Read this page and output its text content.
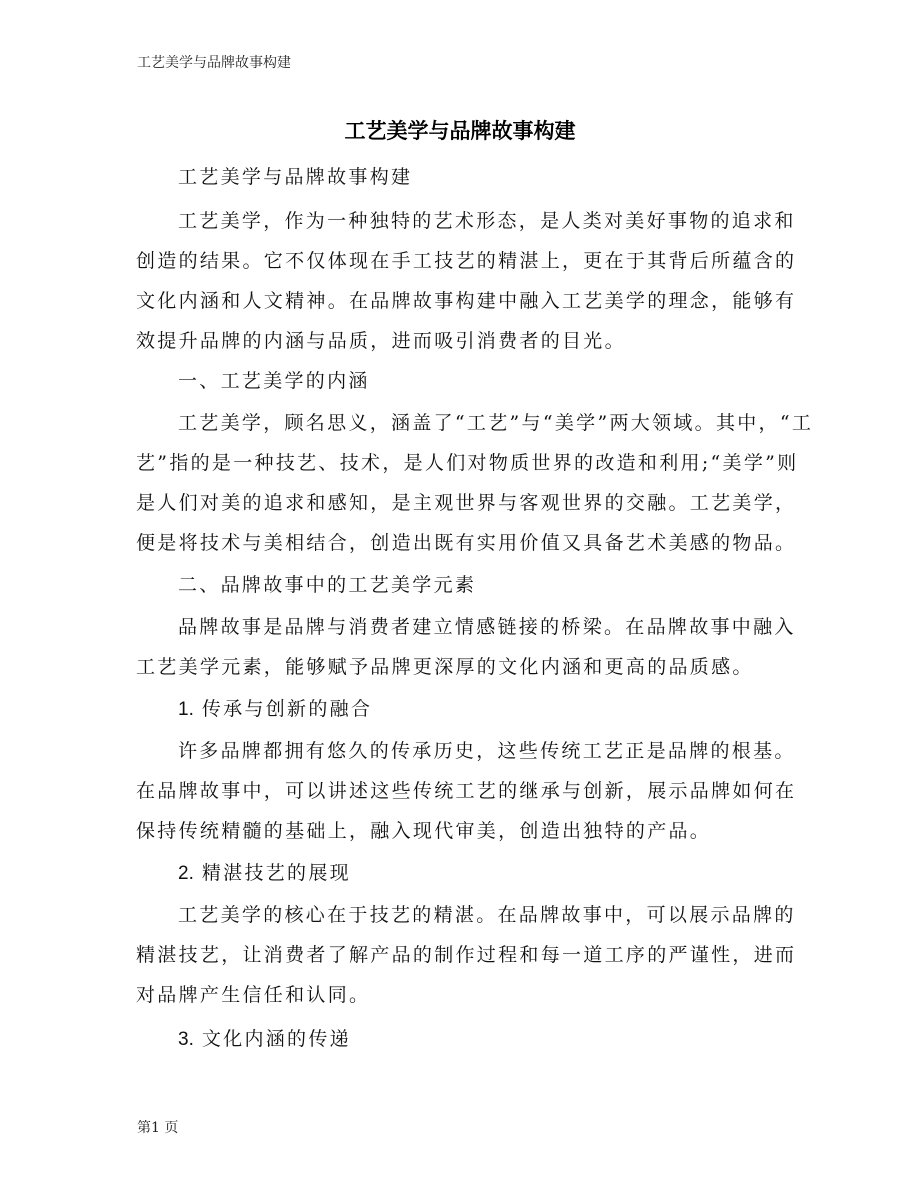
工艺美学与品牌故事构建
工艺美学与品牌故事构建
工艺美学与品牌故事构建
工艺美学，作为一种独特的艺术形态，是人类对美好事物的追求和
创造的结果。它不仅体现在手工技艺的精湛上，更在于其背后所蕴含的
文化内涵和人文精神。在品牌故事构建中融入工艺美学的理念，能够有
效提升品牌的内涵与品质，进而吸引消费者的目光。
一、工艺美学的内涵
工艺美学，顾名思义，涵盖了“工艺”与“美学”两大领域。其中，“工
艺”指的是一种技艺、技术，是人们对物质世界的改造和利用;“美学”则
是人们对美的追求和感知，是主观世界与客观世界的交融。工艺美学，
便是将技术与美相结合，创造出既有实用价值又具备艺术美感的物品。
二、品牌故事中的工艺美学元素
品牌故事是品牌与消费者建立情感链接的桥梁。在品牌故事中融入
工艺美学元素，能够赋予品牌更深厚的文化内涵和更高的品质感。
1. 传承与创新的融合
许多品牌都拥有悠久的传承历史，这些传统工艺正是品牌的根基。
在品牌故事中，可以讲述这些传统工艺的继承与创新，展示品牌如何在
保持传统精髓的基础上，融入现代审美，创造出独特的产品。
2. 精湛技艺的展现
工艺美学的核心在于技艺的精湛。在品牌故事中，可以展示品牌的
精湛技艺，让消费者了解产品的制作过程和每一道工序的严谨性，进而
对品牌产生信任和认同。
3. 文化内涵的传递
第1 页
